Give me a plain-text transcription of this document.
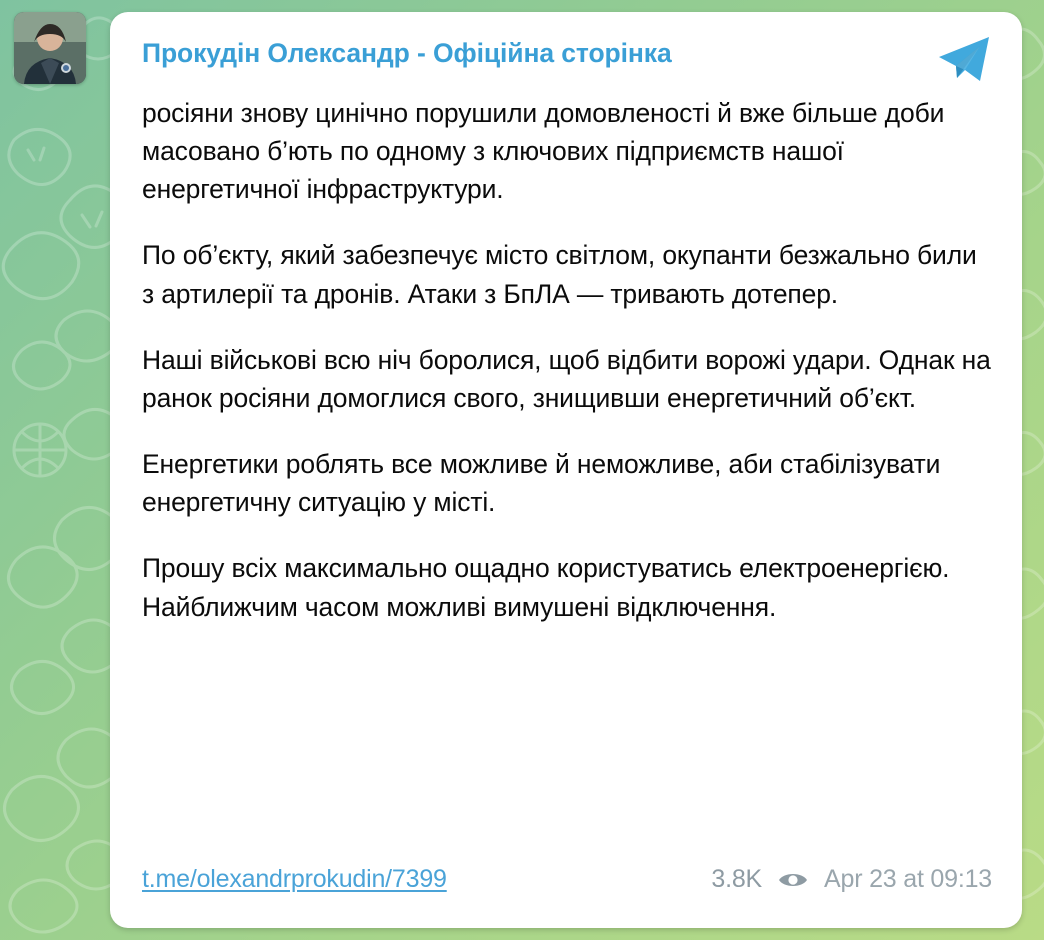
Прокудін Олександр - Офіційна сторінка

росіяни знову цинічно порушили домовленості й вже більше доби масовано б’ють по одному з ключових підприємств нашої енергетичної інфраструктури.

По об’єкту, який забезпечує місто світлом, окупанти безжально били з артилерії та дронів. Атаки з БпЛА — тривають дотепер.

Наші військові всю ніч боролися, щоб відбити ворожі удари. Однак на ранок росіяни домоглися свого, знищивши енергетичний об’єкт.

Енергетики роблять все можливе й неможливе, аби стабілізувати енергетичну ситуацію у місті.

Прошу всіх максимально ощадно користуватись електроенергією. Найближчим часом можливі вимушені відключення.

t.me/olexandrprokudin/7399	3.8K Apr 23 at 09:13
